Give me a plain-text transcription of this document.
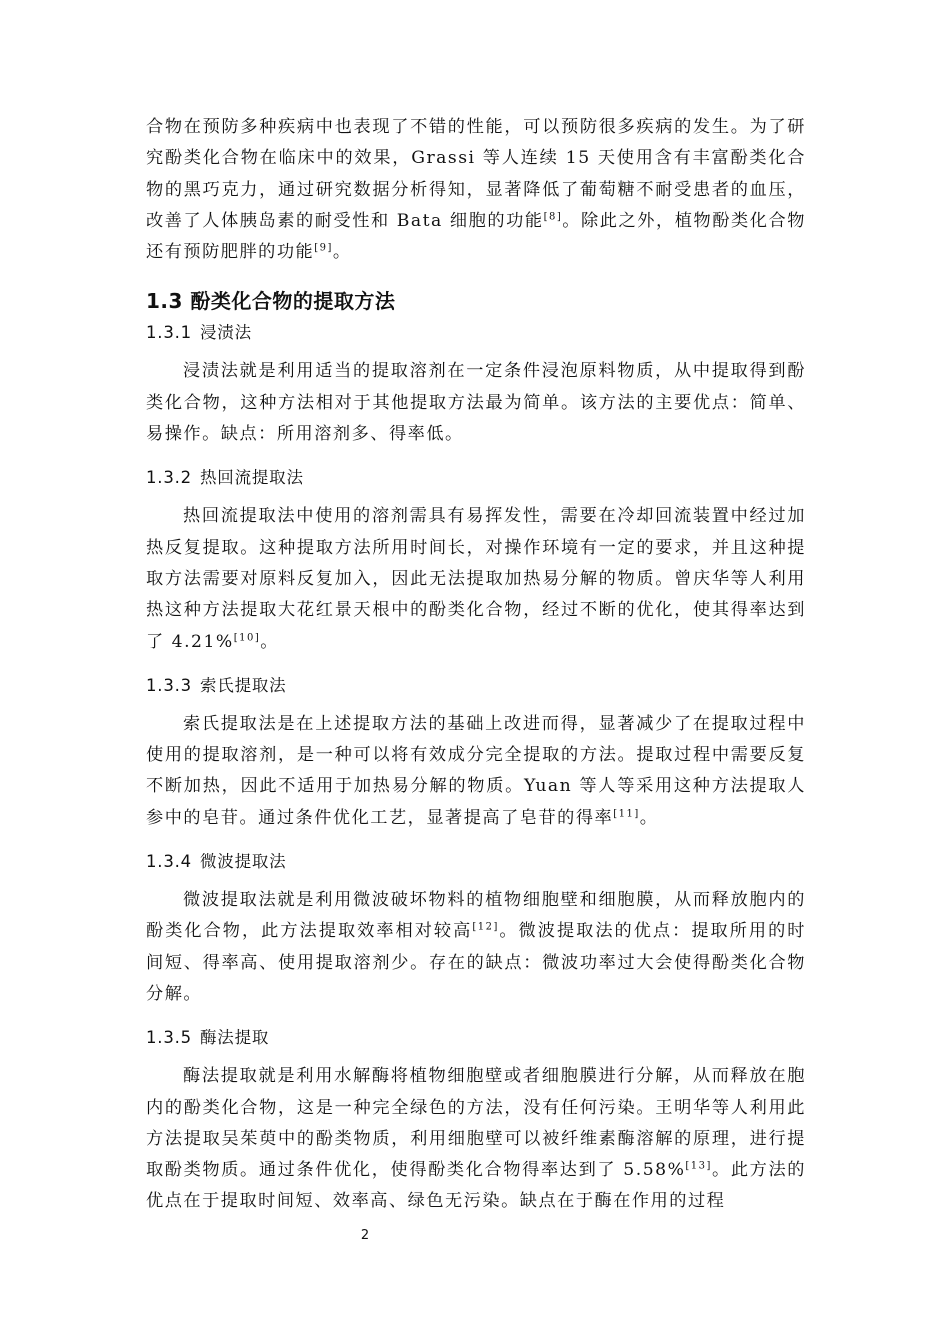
合物在预防多种疾病中也表现了不错的性能，可以预防很多疾病的发生。为了研究酚类化合物在临床中的效果，Grassi 等人连续 15 天使用含有丰富酚类化合物的黑巧克力，通过研究数据分析得知，显著降低了葡萄糖不耐受患者的血压，改善了人体胰岛素的耐受性和 Bata 细胞的功能[8]。除此之外，植物酚类化合物还有预防肥胖的功能[9]。

1.3 酚类化合物的提取方法
1.3.1 浸渍法

浸渍法就是利用适当的提取溶剂在一定条件浸泡原料物质，从中提取得到酚类化合物，这种方法相对于其他提取方法最为简单。该方法的主要优点：简单、易操作。缺点：所用溶剂多、得率低。

1.3.2 热回流提取法

热回流提取法中使用的溶剂需具有易挥发性，需要在冷却回流装置中经过加热反复提取。这种提取方法所用时间长，对操作环境有一定的要求，并且这种提取方法需要对原料反复加入，因此无法提取加热易分解的物质。曾庆华等人利用热这种方法提取大花红景天根中的酚类化合物，经过不断的优化，使其得率达到了 4.21%[10]。

1.3.3 索氏提取法

索氏提取法是在上述提取方法的基础上改进而得，显著减少了在提取过程中使用的提取溶剂，是一种可以将有效成分完全提取的方法。提取过程中需要反复不断加热，因此不适用于加热易分解的物质。Yuan 等人等采用这种方法提取人参中的皂苷。通过条件优化工艺，显著提高了皂苷的得率[11]。

1.3.4 微波提取法

微波提取法就是利用微波破坏物料的植物细胞壁和细胞膜，从而释放胞内的酚类化合物，此方法提取效率相对较高[12]。微波提取法的优点：提取所用的时间短、得率高、使用提取溶剂少。存在的缺点：微波功率过大会使得酚类化合物分解。

1.3.5 酶法提取

酶法提取就是利用水解酶将植物细胞壁或者细胞膜进行分解，从而释放在胞内的酚类化合物，这是一种完全绿色的方法，没有任何污染。王明华等人利用此方法提取吴茱萸中的酚类物质，利用细胞壁可以被纤维素酶溶解的原理，进行提取酚类物质。通过条件优化，使得酚类化合物得率达到了 5.58%[13]。此方法的优点在于提取时间短、效率高、绿色无污染。缺点在于酶在作用的过程

2
